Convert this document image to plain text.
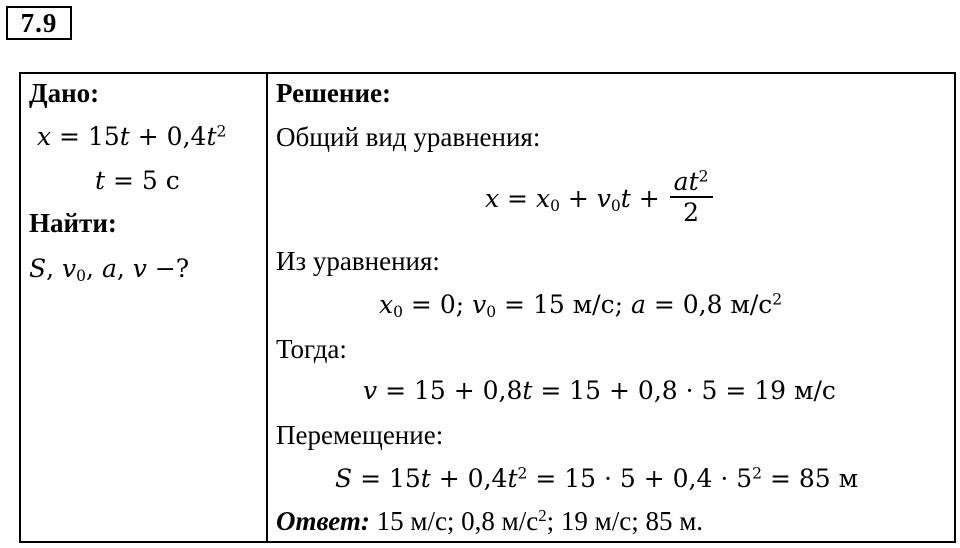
7.9
Дано:
$x = 15t + 0,4t^2$
t = 5 с
Найти:
S, $v_0$, a, v −?
Решение:
Общий вид уравнения:
$x = x_0 + v_0t + \frac{at^2}{2}$
Из уравнения:
$x_0 = 0$; $v_0 = 15$ м/с; a = 0,8 $м/с^2$
Тогда:
v = 15 + 0,8t = 15 + 0,8 · 5 = 19 м/с
Перемещение:
$S = 15t + 0,4t^2 = 15 \cdot 5 + 0,4 \cdot 5^2 = 85$ м
Ответ: 15 м/с; 0,8 $м/с^2$; 19 м/с; 85 м.
